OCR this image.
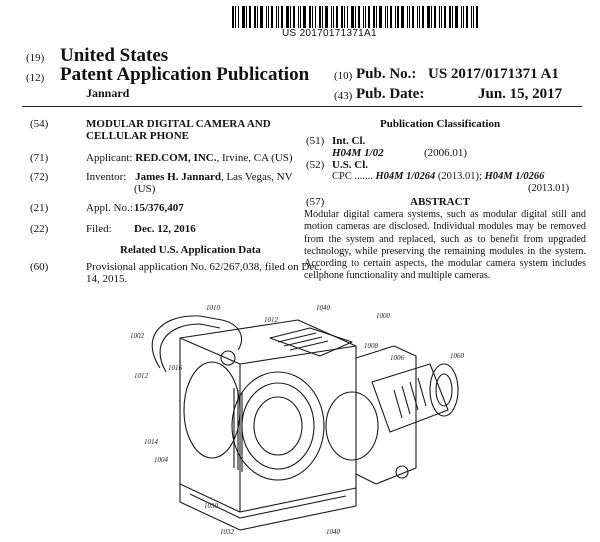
US 20170171371A1
(19) United States
(12) Patent Application Publication
Jannard
(10) Pub. No.: US 2017/0171371 A1
(43) Pub. Date:	Jun. 15, 2017
(54)	MODULAR DIGITAL CAMERA AND
CELLULAR PHONE
(71)	Applicant: RED.COM, INC., Irvine, CA (US)
(72)	Inventor: James H. Jannard, Las Vegas, NV
(US)
(21)	Appl. No.: 15/376,407
(22)	Filed: Dec. 12, 2016
Related U.S. Application Data
(60)	Provisional application No. 62/267,038, filed on Dec.
14, 2015.
Publication Classification
(51) Int. Cl.
H04M 1/02	(2006.01)
(52) U.S. Cl.
CPC ....... H04M 1/0264 (2013.01); H04M 1/0266
(2013.01)
(57)	ABSTRACT
Modular digital camera systems, such as modular digital still and motion cameras are disclosed. Individual modules may be removed from the system and replaced, such as to benefit from upgraded technology, while preserving the remaining modules in the system. According to certain aspects, the modular camera system includes cellphone functionality and multiple cameras.
1010	1040
1012	1000
1002
1008
1012
1016
1006	1060
1014
1004
1030
1032	1040
